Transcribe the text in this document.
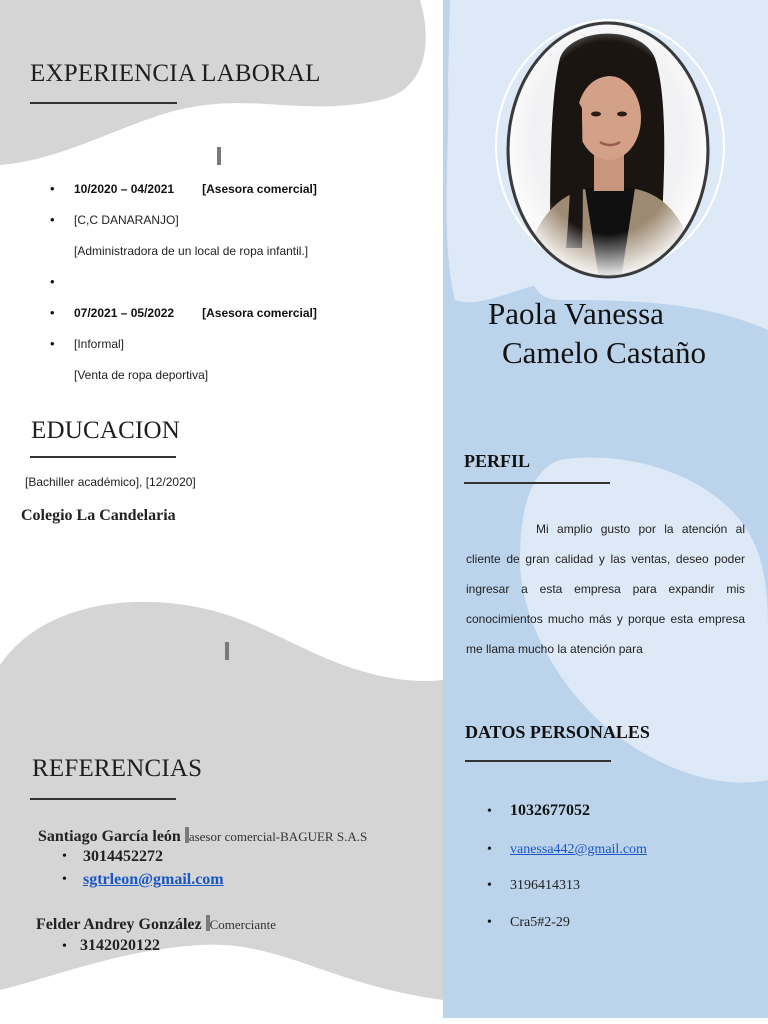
EXPERIENCIA LABORAL
• 10/2020 – 04/2021 [Asesora comercial]
• [C,C DANARANJO]
[Administradora de un local de ropa infantil.]
•
• 07/2021 – 05/2022 [Asesora comercial]
• [Informal]
[Venta de ropa deportiva]
EDUCACION
[Bachiller académico], [12/2020]
Colegio La Candelaria
REFERENCIAS
Santiago García león asesor comercial-BAGUER S.A.S
• 3014452272
• sgtrleon@gmail.com
Felder Andrey González Comerciante
• 3142020122
Paola Vanessa
Camelo Castaño
PERFIL
Mi amplio gusto por la atención al cliente de gran calidad y las ventas, deseo poder ingresar a esta empresa para expandir mis conocimientos mucho más y porque esta empresa me llama mucho la atención para
DATOS PERSONALES
• 1032677052
• vanessa442@gmail.com
• 3196414313
• Cra5#2-29
